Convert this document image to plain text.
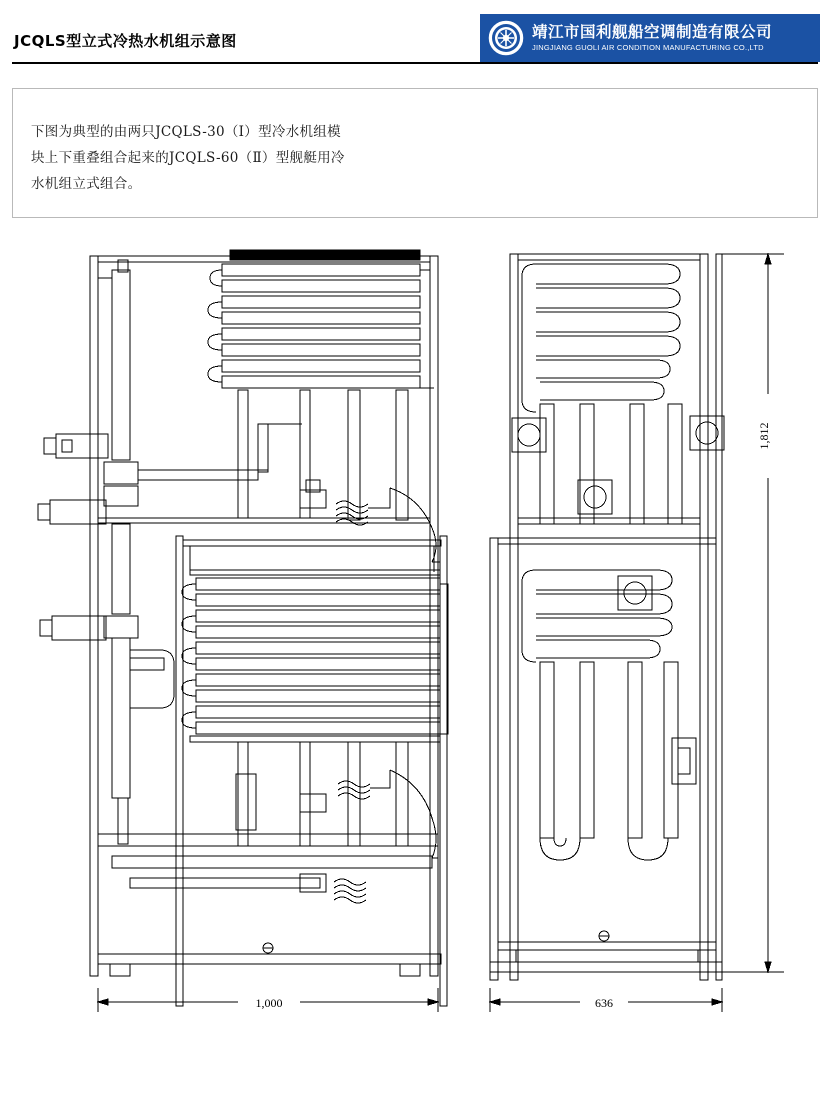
JCQLS型立式冷热水机组示意图	靖江市国利舰船空调制造有限公司
JINGJIANG GUOLI AIR CONDITION MANUFACTURING CO.,LTD
下图为典型的由两只JCQLS-30（Ⅰ）型冷水机组模
块上下重叠组合起来的JCQLS-60（Ⅱ）型舰艇用冷
水机组立式组合。
1,000	636
1,812
